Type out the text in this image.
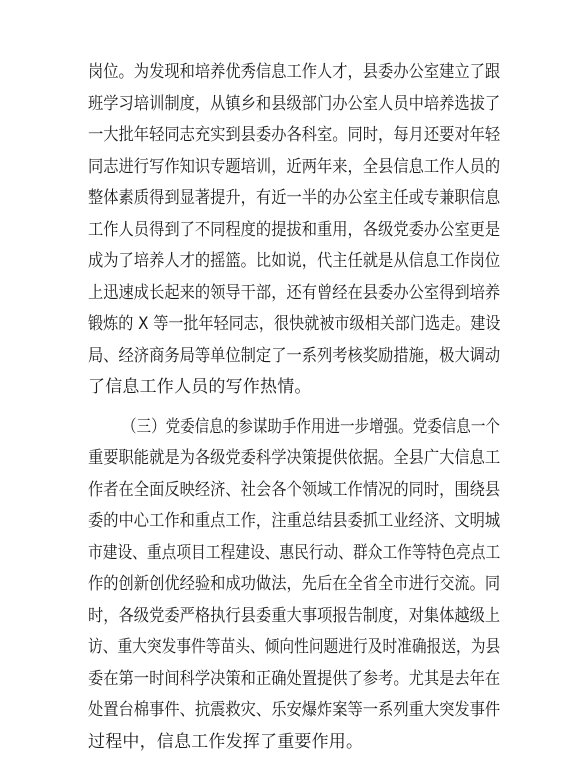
岗位。为发现和培养优秀信息工作人才，县委办公室建立了跟
班学习培训制度，从镇乡和县级部门办公室人员中培养选拔了
一大批年轻同志充实到县委办各科室。同时，每月还要对年轻
同志进行写作知识专题培训，近两年来，全县信息工作人员的
整体素质得到显著提升，有近一半的办公室主任或专兼职信息
工作人员得到了不同程度的提拔和重用，各级党委办公室更是
成为了培养人才的摇篮。比如说，代主任就是从信息工作岗位
上迅速成长起来的领导干部，还有曾经在县委办公室得到培养
锻炼的 X 等一批年轻同志，很快就被市级相关部门选走。建设
局、经济商务局等单位制定了一系列考核奖励措施，极大调动
了信息工作人员的写作热情。
（三）党委信息的参谋助手作用进一步增强。党委信息一个
重要职能就是为各级党委科学决策提供依据。全县广大信息工
作者在全面反映经济、社会各个领域工作情况的同时，围绕县
委的中心工作和重点工作，注重总结县委抓工业经济、文明城
市建设、重点项目工程建设、惠民行动、群众工作等特色亮点工
作的创新创优经验和成功做法，先后在全省全市进行交流。同
时，各级党委严格执行县委重大事项报告制度，对集体越级上
访、重大突发事件等苗头、倾向性问题进行及时准确报送，为县
委在第一时间科学决策和正确处置提供了参考。尤其是去年在
处置台棉事件、抗震救灾、乐安爆炸案等一系列重大突发事件
过程中，信息工作发挥了重要作用。
